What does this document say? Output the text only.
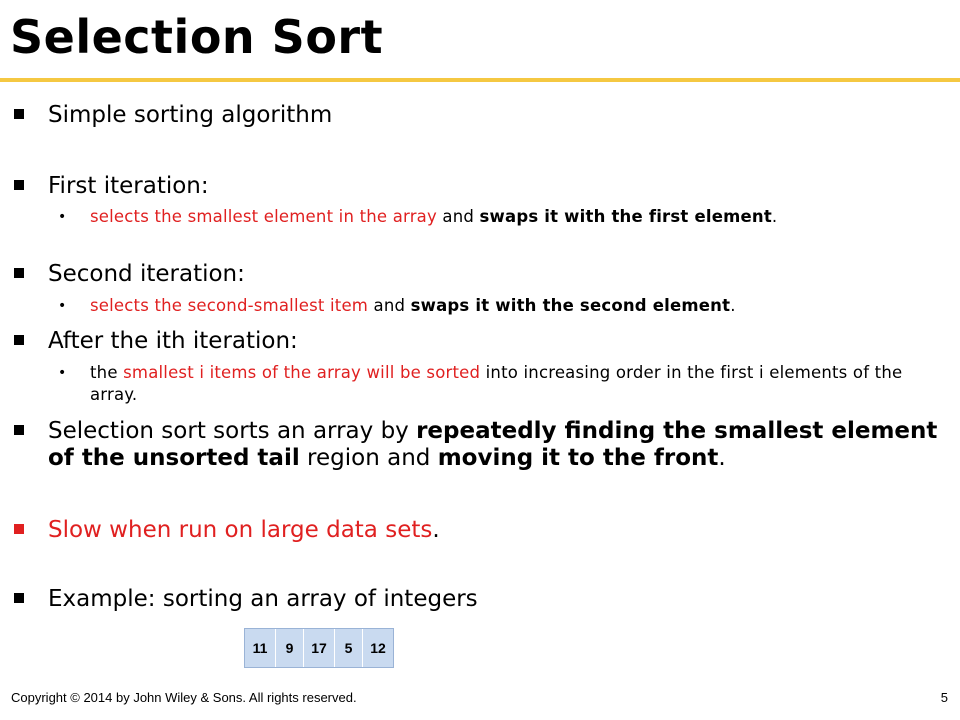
Selection Sort
Simple sorting algorithm
First iteration:
• selects the smallest element in the array and swaps it with the first element.
Second iteration:
• selects the second-smallest item and swaps it with the second element.
After the ith iteration:
• the smallest i items of the array will be sorted into increasing order in the first i elements of the array.
Selection sort sorts an array by repeatedly finding the smallest element of the unsorted tail region and moving it to the front.
Slow when run on large data sets.
Example: sorting an array of integers
11	9	17	5	12
Copyright © 2014 by John Wiley & Sons. All rights reserved.	5
